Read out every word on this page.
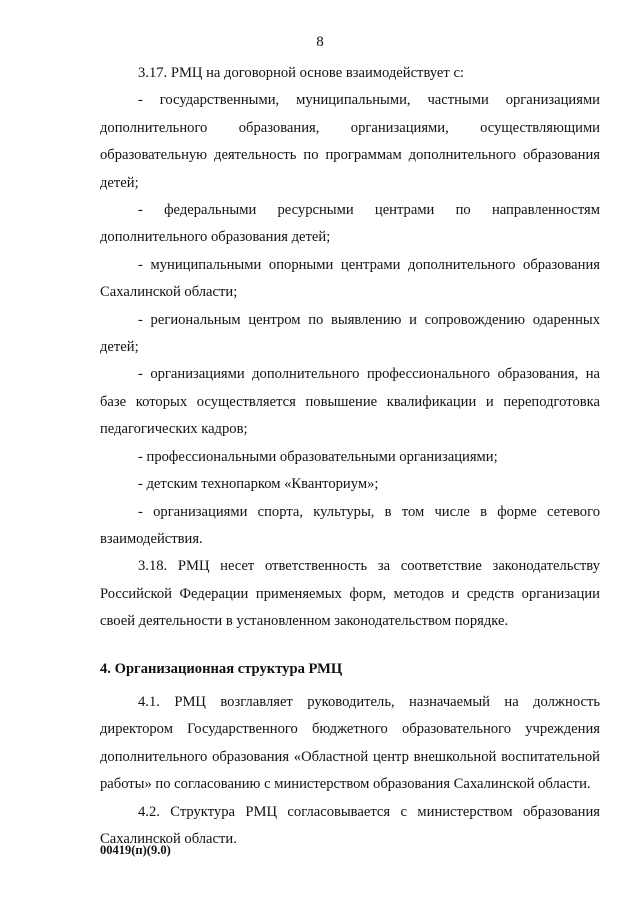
8

3.17. РМЦ на договорной основе взаимодействует с:

- государственными, муниципальными, частными организациями дополнительного образования, организациями, осуществляющими образовательную деятельность по программам дополнительного образования детей;

- федеральными ресурсными центрами по направленностям дополнительного образования детей;

- муниципальными опорными центрами дополнительного образования Сахалинской области;

- региональным центром по выявлению и сопровождению одаренных детей;

- организациями дополнительного профессионального образования, на базе которых осуществляется повышение квалификации и переподготовка педагогических кадров;

- профессиональными образовательными организациями;

- детским технопарком «Кванториум»;

- организациями спорта, культуры, в том числе в форме сетевого взаимодействия.

3.18. РМЦ несет ответственность за соответствие законодательству Российской Федерации применяемых форм, методов и средств организации своей деятельности в установленном законодательством порядке.

4. Организационная структура РМЦ

4.1. РМЦ возглавляет руководитель, назначаемый на должность директором Государственного бюджетного образовательного учреждения дополнительного образования «Областной центр внешкольной воспитательной работы» по согласованию с министерством образования Сахалинской области.

4.2. Структура РМЦ согласовывается с министерством образования Сахалинской области.

00419(п)(9.0)
